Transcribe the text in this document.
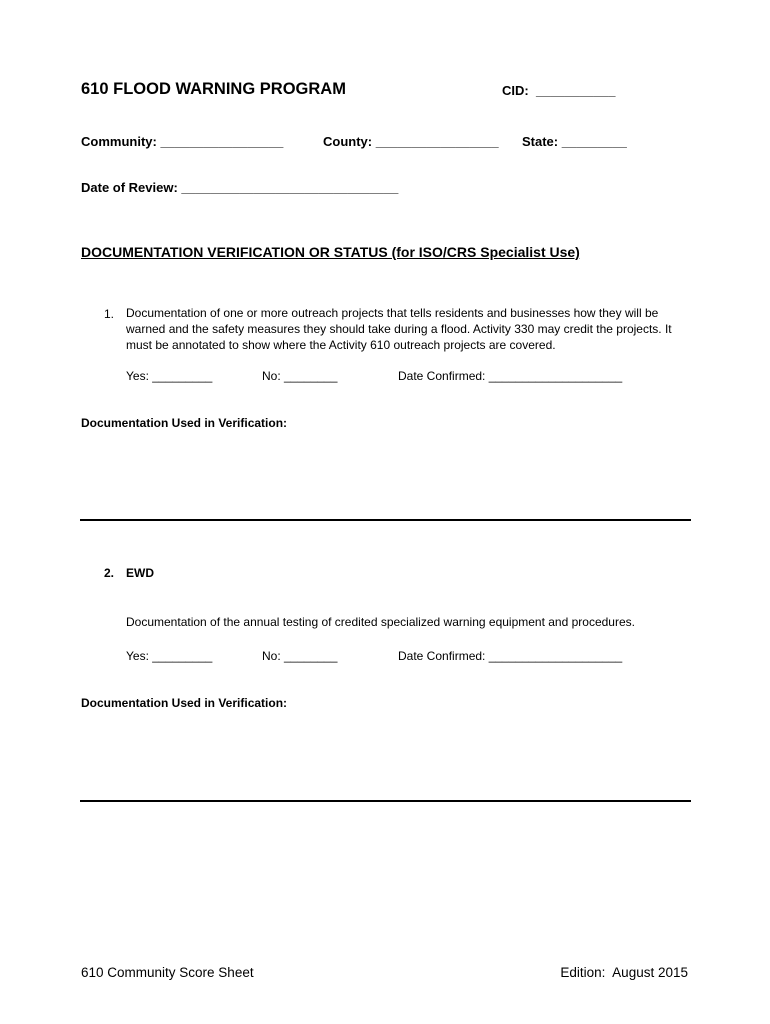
610 FLOOD WARNING PROGRAM	CID:  ___________
Community: _________________	County: _________________ State: _________
Date of Review: ______________________________
DOCUMENTATION VERIFICATION OR STATUS (for ISO/CRS Specialist Use)
1. Documentation of one or more outreach projects that tells residents and businesses how they will be warned and the safety measures they should take during a flood. Activity 330 may credit the projects. It must be annotated to show where the Activity 610 outreach projects are covered.
Yes: _________	No: ________	Date Confirmed: ____________________
Documentation Used in Verification:
2. EWD
Documentation of the annual testing of credited specialized warning equipment and procedures.
Yes: _________	No: ________	Date Confirmed: ____________________
Documentation Used in Verification:
610 Community Score Sheet	Edition:  August 2015
